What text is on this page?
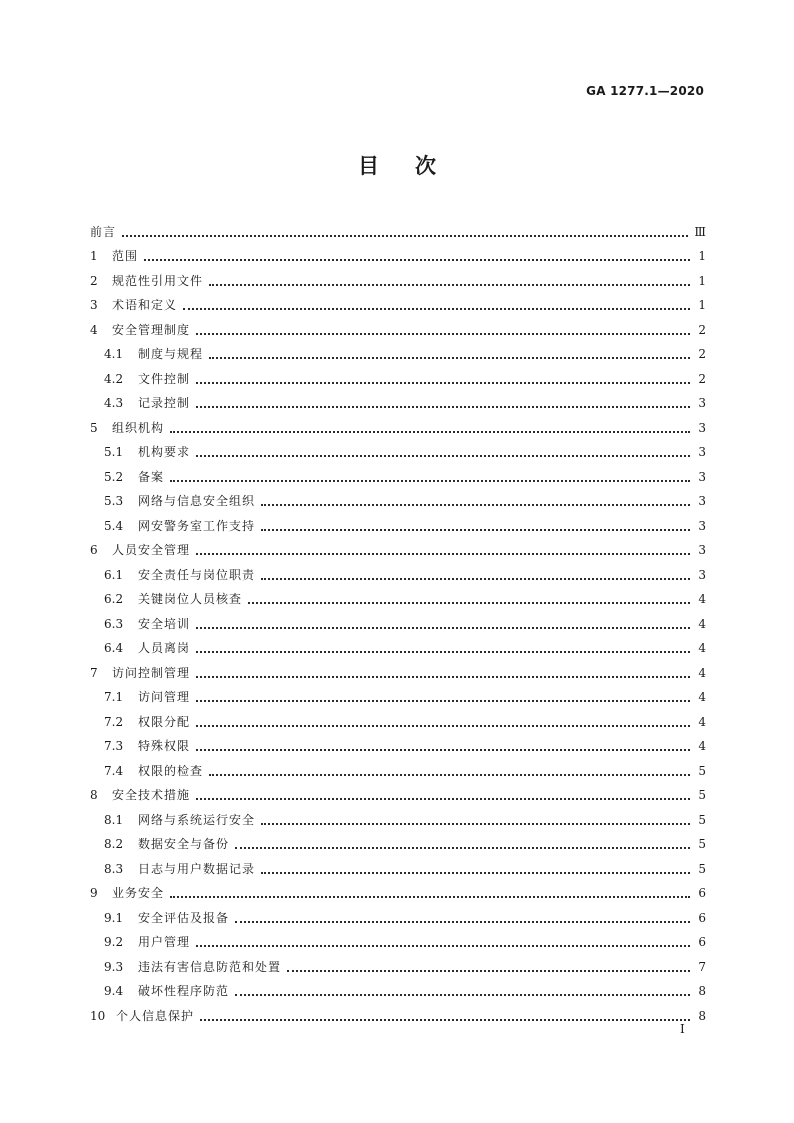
GA 1277.1—2020
目次
前言	Ⅲ
1	范围	1
2	规范性引用文件	1
3	术语和定义	1
4	安全管理制度	2
4.1	制度与规程	2
4.2	文件控制	2
4.3	记录控制	3
5	组织机构	3
5.1	机构要求	3
5.2	备案	3
5.3	网络与信息安全组织	3
5.4	网安警务室工作支持	3
6	人员安全管理	3
6.1	安全责任与岗位职责	3
6.2	关键岗位人员核查	4
6.3	安全培训	4
6.4	人员离岗	4
7	访问控制管理	4
7.1	访问管理	4
7.2	权限分配	4
7.3	特殊权限	4
7.4	权限的检查	5
8	安全技术措施	5
8.1	网络与系统运行安全	5
8.2	数据安全与备份	5
8.3	日志与用户数据记录	5
9	业务安全	6
9.1	安全评估及报备	6
9.2	用户管理	6
9.3	违法有害信息防范和处置	7
9.4	破坏性程序防范	8
10 个人信息保护	8
I
